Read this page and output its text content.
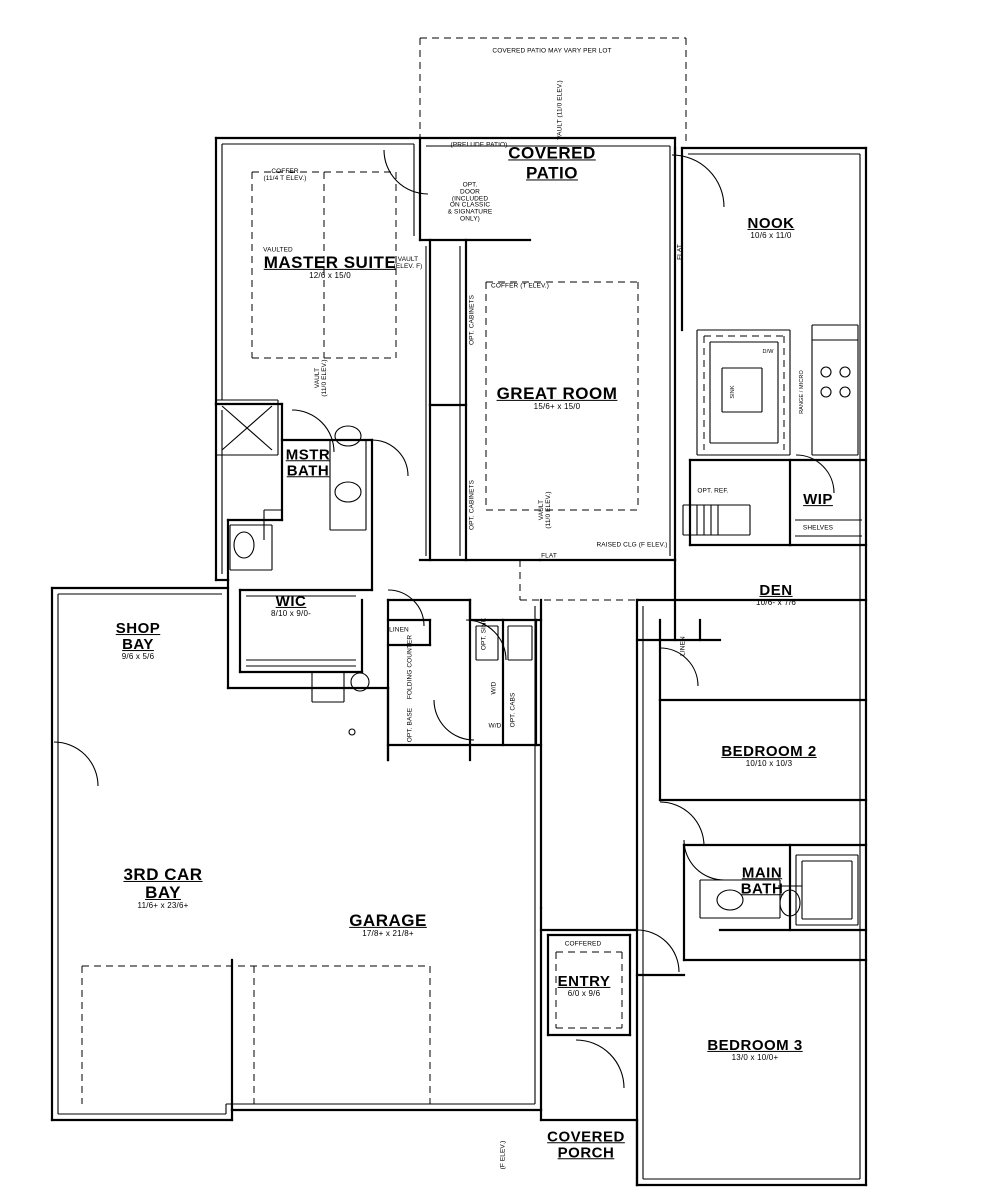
COVERED
PATIO
NOOK
10/6 x 11/0
MASTER SUITE
12/6 x 15/0
GREAT ROOM
15/6+ x 15/0
MSTR
BATH
WIP
WIC
8/10 x 9/0-
DEN
10/6- x 7/6
SHOP
BAY
9/6 x 5/6
BEDROOM 2
10/10 x 10/3
MAIN
BATH
3RD CAR
BAY
11/6+ x 23/6+
GARAGE
17/8+ x 21/8+
ENTRY
6/0 x 9/6
BEDROOM 3
13/0 x 10/0+
COVERED
PORCH
COVERED PATIO MAY VARY PER LOT
VAULT (11/0 ELEV.)
(PRELUDE PATIO)
COFFER
(11/4 T ELEV.)
OPT.
DOOR
(INCLUDED
ON CLASSIC
& SIGNATURE
ONLY)
VAULTED
VAULT
(ELEV. F)
COFFER (T ELEV.)
OPT. CABINETS
VAULT (11/0 ELEV.)	SINK
D/W
RANGE / MICRO
OPT. CABINETS	VAULT (11/0 ELEV.)
OPT. REF.
SHELVES
RAISED CLG (F ELEV.)
FLAT
FLAT
LINEN
LINEN
OPT. SINK
FOLDING COUNTER	W/D
OPT. CABS
OPT. BASE	W/D
COFFERED
(F ELEV.)
